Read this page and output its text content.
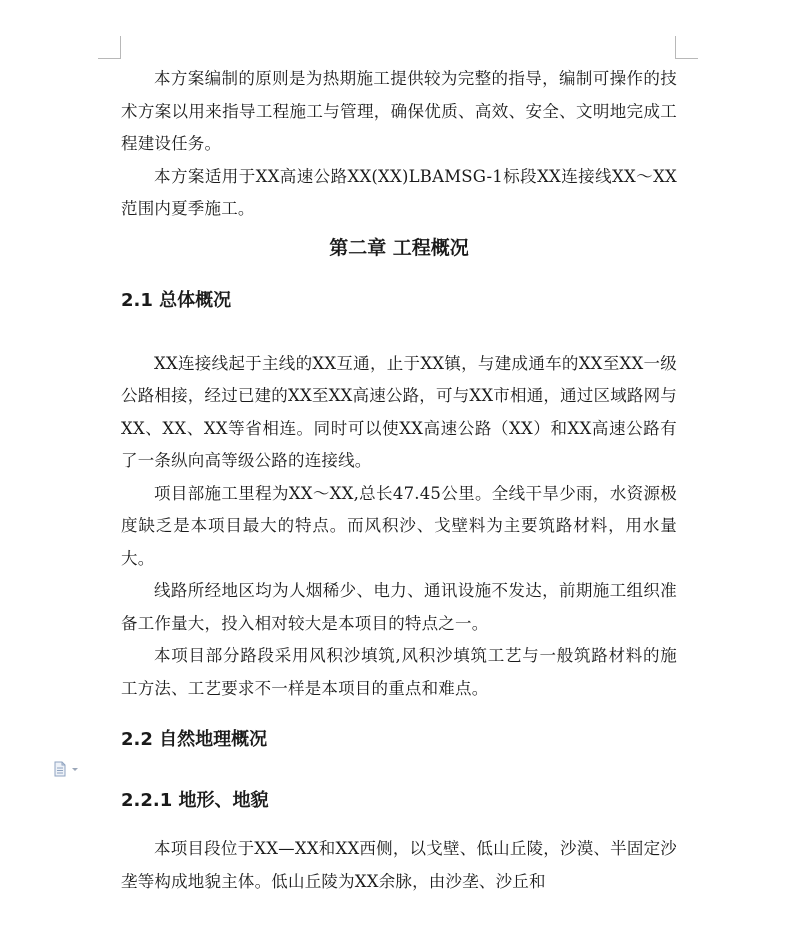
本方案编制的原则是为热期施工提供较为完整的指导，编制可操作的技术方案以用来指导工程施工与管理，确保优质、高效、安全、文明地完成工程建设任务。

本方案适用于XX高速公路XX(XX)LBAMSG-1标段XX连接线XX～XX范围内夏季施工。

第二章 工程概况
2.1 总体概况

XX连接线起于主线的XX互通，止于XX镇，与建成通车的XX至XX一级公路相接，经过已建的XX至XX高速公路，可与XX市相通，通过区域路网与XX、XX、XX等省相连。同时可以使XX高速公路（XX）和XX高速公路有了一条纵向高等级公路的连接线。

项目部施工里程为XX～XX,总长47.45公里。全线干旱少雨，水资源极度缺乏是本项目最大的特点。而风积沙、戈壁料为主要筑路材料，用水量大。

线路所经地区均为人烟稀少、电力、通讯设施不发达，前期施工组织准备工作量大，投入相对较大是本项目的特点之一。

本项目部分路段采用风积沙填筑,风积沙填筑工艺与一般筑路材料的施工方法、工艺要求不一样是本项目的重点和难点。

2.2 自然地理概况
2.2.1 地形、地貌

本项目段位于XX—XX和XX西侧，以戈壁、低山丘陵，沙漠、半固定沙垄等构成地貌主体。低山丘陵为XX余脉，由沙垄、沙丘和
